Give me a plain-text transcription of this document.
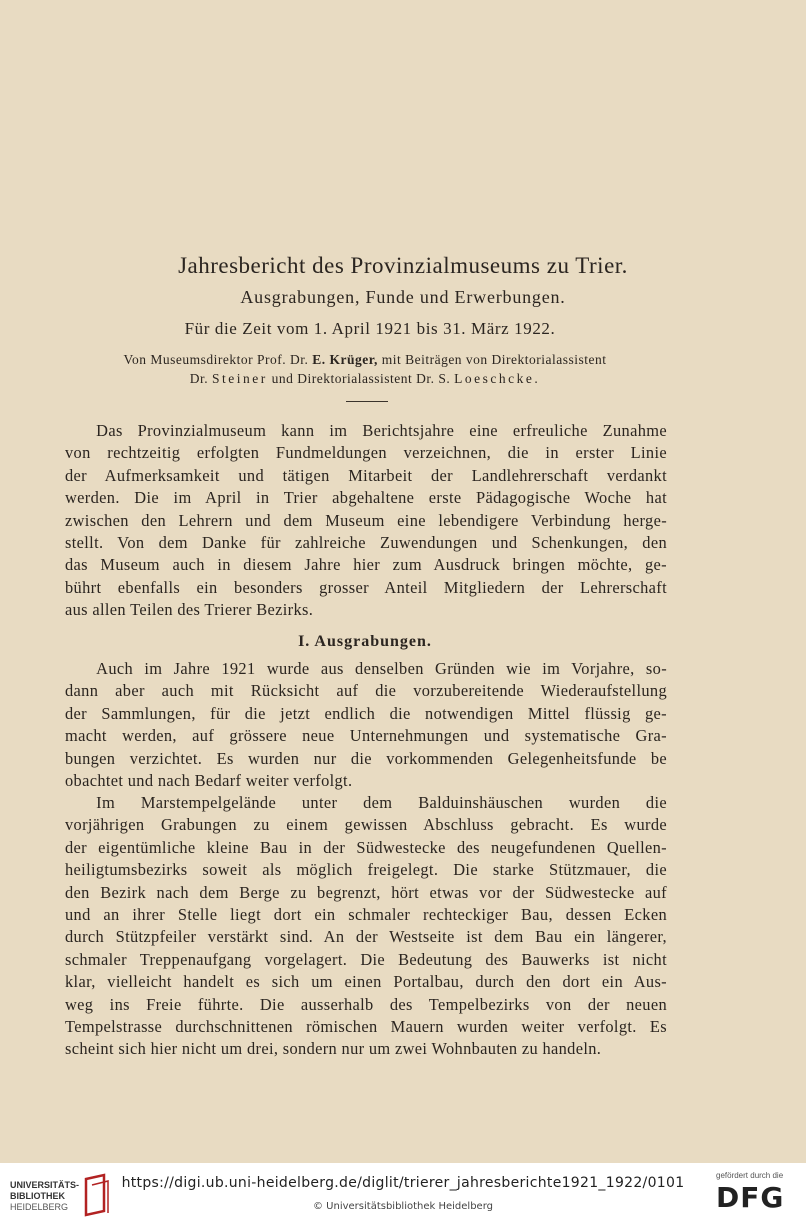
Jahresbericht des Provinzialmuseums zu Trier.
Ausgrabungen, Funde und Erwerbungen.
Für die Zeit vom 1. April 1921 bis 31. März 1922.
Von Museumsdirektor Prof. Dr. E. Krüger, mit Beiträgen von Direktorialassistent
Dr. Steiner und Direktorialassistent Dr. S. Loeschcke.
Das Provinzialmuseum kann im Berichtsjahre eine erfreuliche Zunahme
von rechtzeitig erfolgten Fundmeldungen verzeichnen, die in erster Linie
der Aufmerksamkeit und tätigen Mitarbeit der Landlehrerschaft verdankt
werden. Die im April in Trier abgehaltene erste Pädagogische Woche hat
zwischen den Lehrern und dem Museum eine lebendigere Verbindung herge-
stellt. Von dem Danke für zahlreiche Zuwendungen und Schenkungen, den
das Museum auch in diesem Jahre hier zum Ausdruck bringen möchte, ge-
bührt ebenfalls ein besonders grosser Anteil Mitgliedern der Lehrerschaft
aus allen Teilen des Trierer Bezirks.
I. Ausgrabungen.
Auch im Jahre 1921 wurde aus denselben Gründen wie im Vorjahre, so-
dann aber auch mit Rücksicht auf die vorzubereitende Wiederaufstellung
der Sammlungen, für die jetzt endlich die notwendigen Mittel flüssig ge-
macht werden, auf grössere neue Unternehmungen und systematische Gra-
bungen verzichtet. Es wurden nur die vorkommenden Gelegenheitsfunde be
obachtet und nach Bedarf weiter verfolgt.
Im Marstempelgelände unter dem Balduinshäuschen wurden die
vorjährigen Grabungen zu einem gewissen Abschluss gebracht. Es wurde
der eigentümliche kleine Bau in der Südwestecke des neugefundenen Quellen-
heiligtumsbezirks soweit als möglich freigelegt. Die starke Stützmauer, die
den Bezirk nach dem Berge zu begrenzt, hört etwas vor der Südwestecke auf
und an ihrer Stelle liegt dort ein schmaler rechteckiger Bau, dessen Ecken
durch Stützpfeiler verstärkt sind. An der Westseite ist dem Bau ein längerer,
schmaler Treppenaufgang vorgelagert. Die Bedeutung des Bauwerks ist nicht
klar, vielleicht handelt es sich um einen Portalbau, durch den dort ein Aus-
weg ins Freie führte. Die ausserhalb des Tempelbezirks von der neuen
Tempelstrasse durchschnittenen römischen Mauern wurden weiter verfolgt. Es
scheint sich hier nicht um drei, sondern nur um zwei Wohnbauten zu handeln.
UNIVERSITÄTS-
BIBLIOTHEK
HEIDELBERG
https://digi.ub.uni-heidelberg.de/diglit/trierer_jahresberichte1921_1922/0101
© Universitätsbibliothek Heidelberg
gefördert durch die
DFG
